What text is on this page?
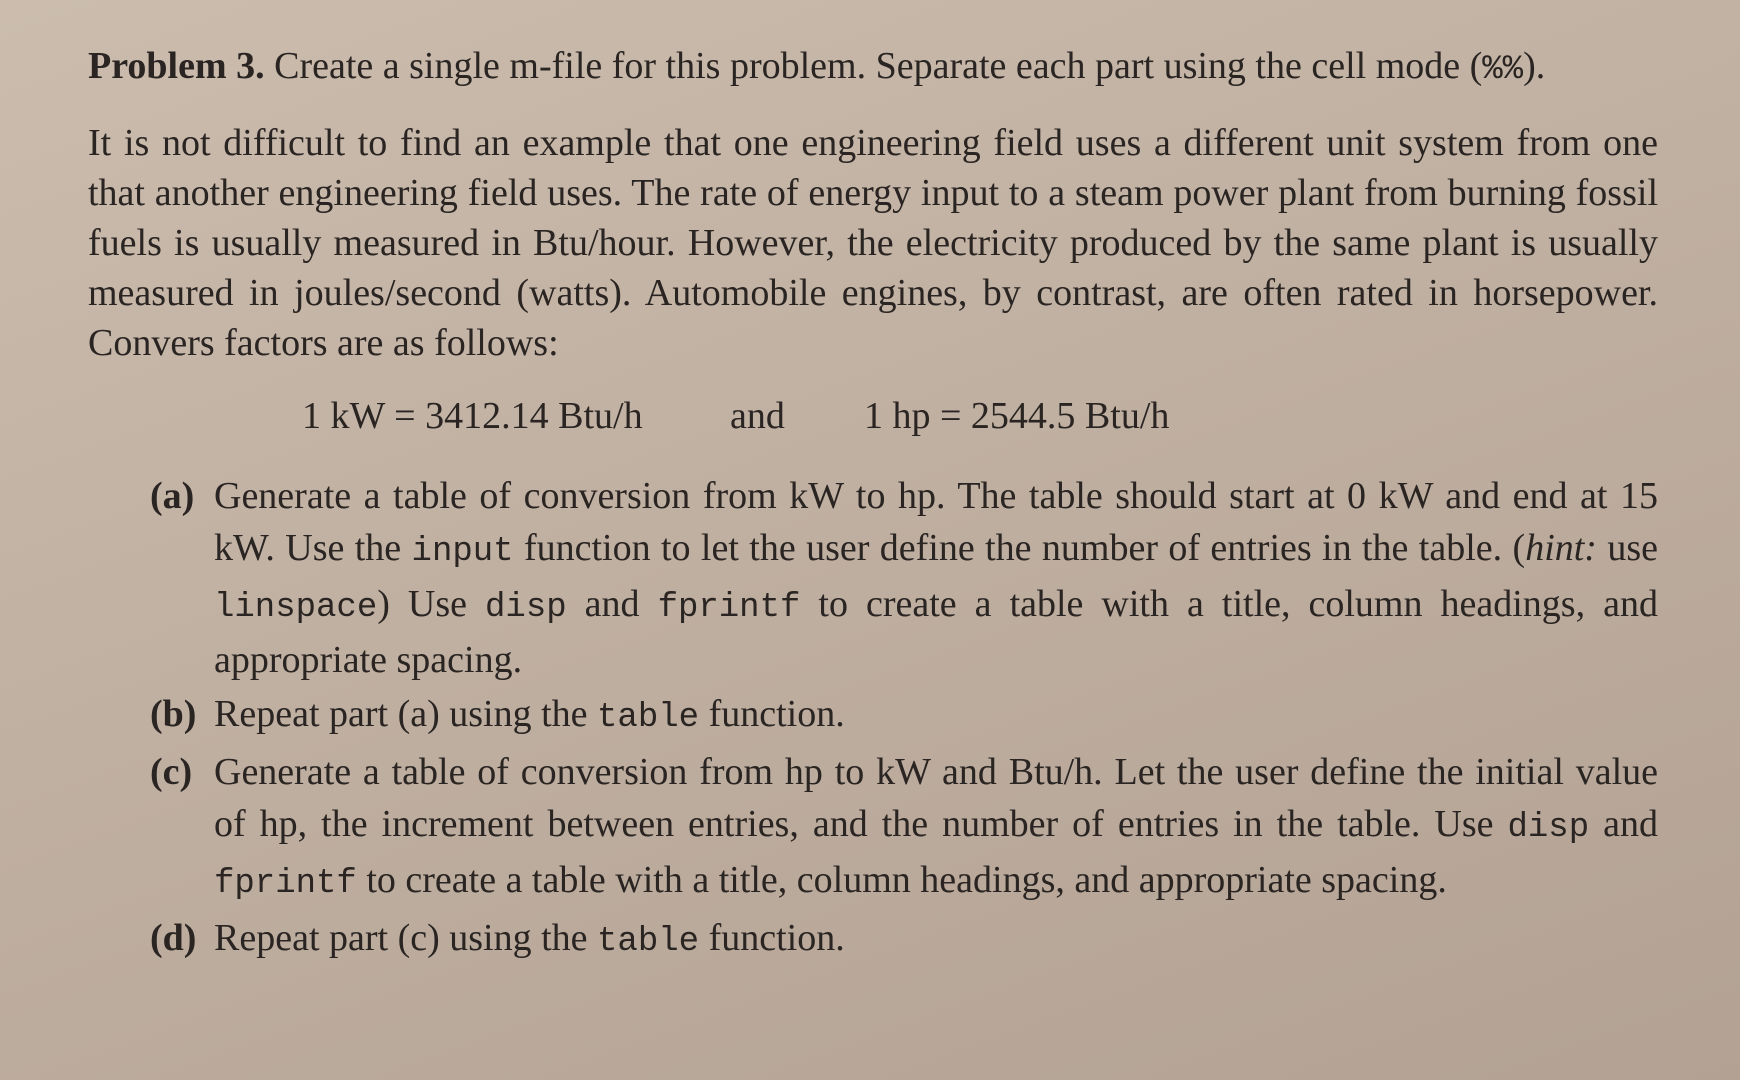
Problem 3. Create a single m-file for this problem. Separate each part using the cell mode (%%).

It is not difficult to find an example that one engineering field uses a different unit system from one that another engineering field uses. The rate of energy input to a steam power plant from burning fossil fuels is usually measured in Btu/hour. However, the electricity produced by the same plant is usually measured in joules/second (watts). Automobile engines, by contrast, are often rated in horsepower. Convers factors are as follows:

1 kW = 3412.14 Btu/h and 1 hp = 2544.5 Btu/h
(a) Generate a table of conversion from kW to hp. The table should start at 0 kW and end at 15 kW. Use the input function to let the user define the number of entries in the table. (hint: use linspace) Use disp and fprintf to create a table with a title, column headings, and appropriate spacing.
(b) Repeat part (a) using the table function.
(c) Generate a table of conversion from hp to kW and Btu/h. Let the user define the initial value of hp, the increment between entries, and the number of entries in the table. Use disp and fprintf to create a table with a title, column headings, and appropriate spacing.
(d) Repeat part (c) using the table function.
